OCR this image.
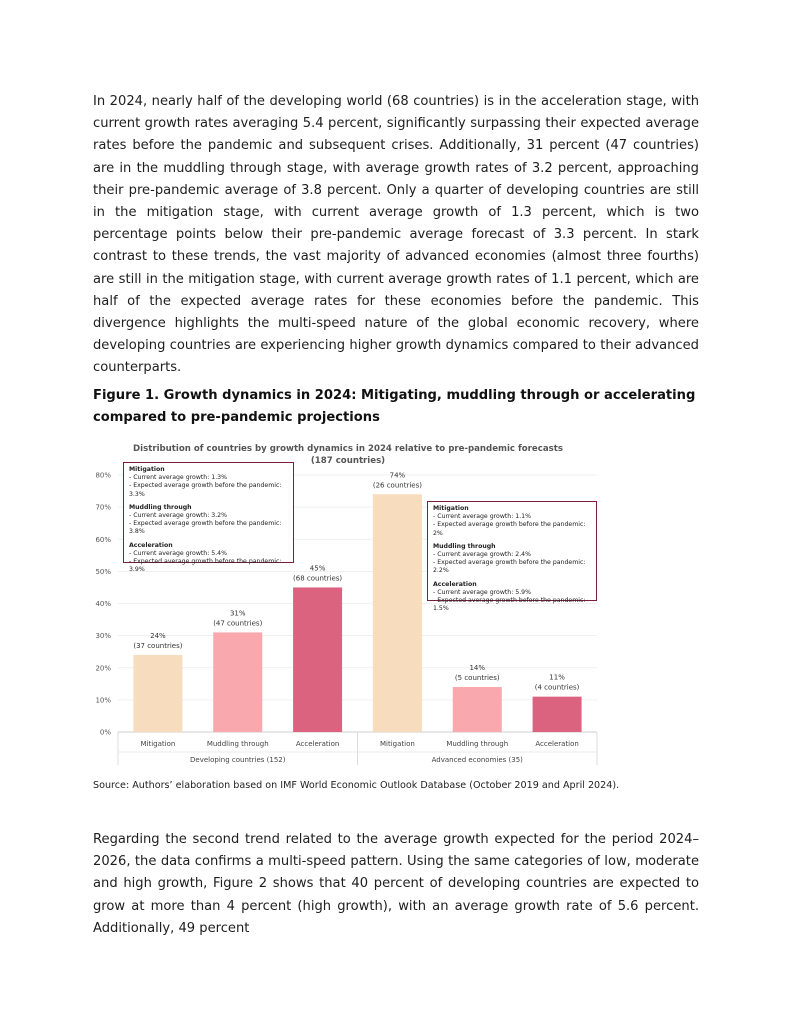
In 2024, nearly half of the developing world (68 countries) is in the acceleration stage, with current growth rates averaging 5.4 percent, significantly surpassing their expected average rates before the pandemic and subsequent crises. Additionally, 31 percent (47 countries) are in the muddling through stage, with average growth rates of 3.2 percent, approaching their pre-pandemic average of 3.8 percent. Only a quarter of developing countries are still in the mitigation stage, with current average growth of 1.3 percent, which is two percentage points below their pre-pandemic average forecast of 3.3 percent. In stark contrast to these trends, the vast majority of advanced economies (almost three fourths) are still in the mitigation stage, with current average growth rates of 1.1 percent, which are half of the expected average rates for these economies before the pandemic. This divergence highlights the multi-speed nature of the global economic recovery, where developing countries are experiencing higher growth dynamics compared to their advanced counterparts.

Figure 1. Growth dynamics in 2024: Mitigating, muddling through or accelerating compared to pre-pandemic projections

Distribution of countries by growth dynamics in 2024 relative to pre-pandemic forecasts
(187 countries)
0%
10%
20%
30%
40%
50%
60%
70%
80%
24%
(37 countries)
Mitigation
31%
(47 countries)
Muddling through
45%
(68 countries)
Acceleration
74%
(26 countries)
Mitigation
14%
(5 countries)
Muddling through
11%
(4 countries)
Acceleration
Developing countries (152)	Advanced economies (35)
Mitigation
- Current average growth: 1.3%
- Expected average growth before the pandemic: 3.3%
Muddling through
- Current average growth: 3.2%
- Expected average growth before the pandemic: 3.8%
Acceleration
- Current average growth: 5.4%
- Expected average growth before the pandemic: 3.9%
Mitigation
- Current average growth: 1.1%
- Expected average growth before the pandemic: 2%
Muddling through
- Current average growth: 2.4%
- Expected average growth before the pandemic: 2.2%
Acceleration
- Current average growth: 5.9%
- Expected average growth before the pandemic: 1.5%

Source: Authors’ elaboration based on IMF World Economic Outlook Database (October 2019 and April 2024).

Regarding the second trend related to the average growth expected for the period 2024–2026, the data confirms a multi-speed pattern. Using the same categories of low, moderate and high growth, Figure 2 shows that 40 percent of developing countries are expected to grow at more than 4 percent (high growth), with an average growth rate of 5.6 percent. Additionally, 49 percent
